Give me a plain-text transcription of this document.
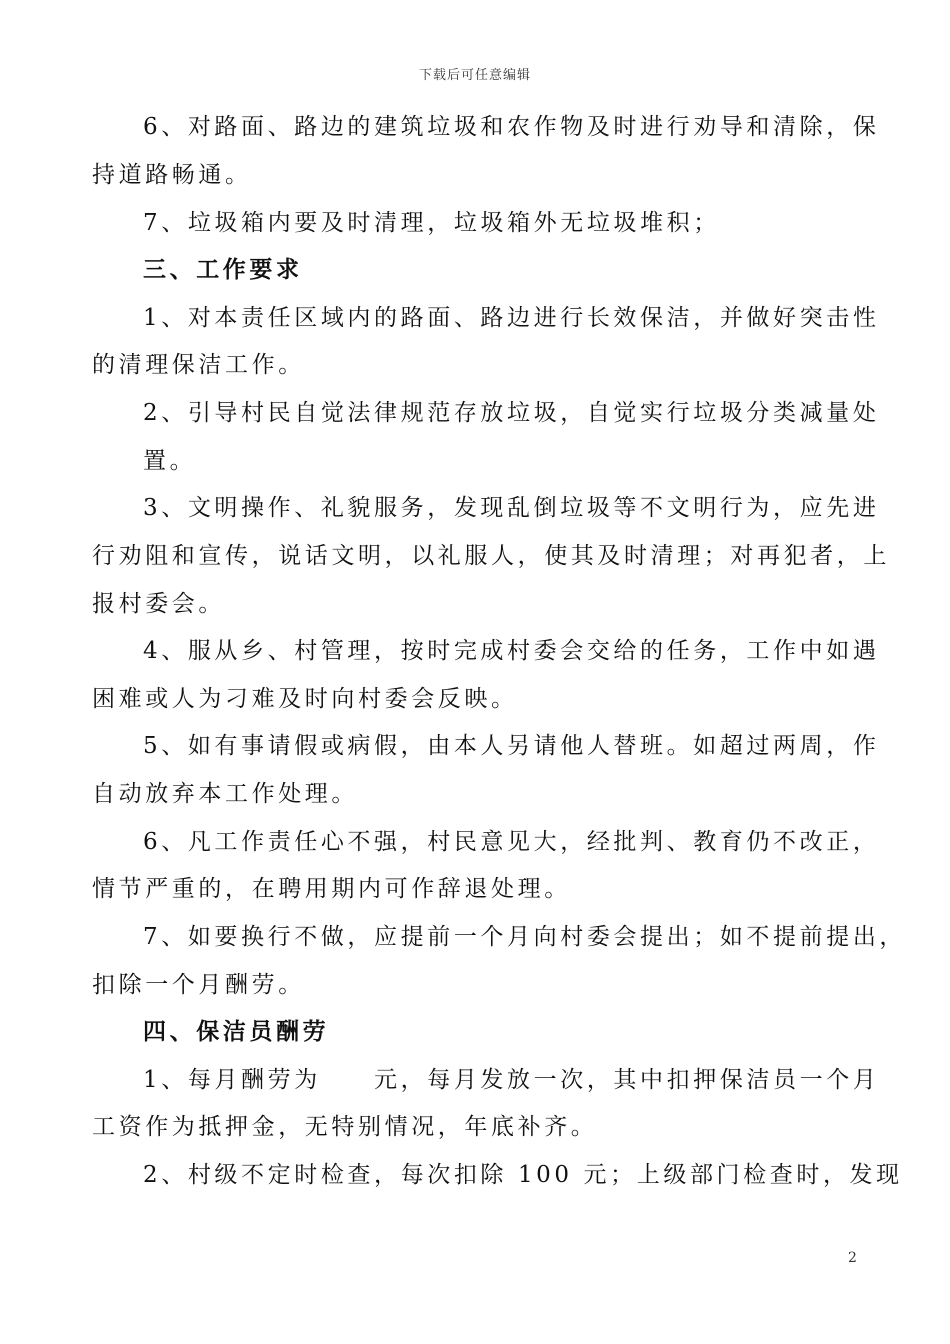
下载后可任意编辑
6、对路面、路边的建筑垃圾和农作物及时进行劝导和清除，保
持道路畅通。
7、垃圾箱内要及时清理，垃圾箱外无垃圾堆积；
三、工作要求
1、对本责任区域内的路面、路边进行长效保洁，并做好突击性
的清理保洁工作。
2、引导村民自觉法律规范存放垃圾，自觉实行垃圾分类减量处
置。
3、文明操作、礼貌服务，发现乱倒垃圾等不文明行为，应先进
行劝阻和宣传，说话文明，以礼服人，使其及时清理；对再犯者，上
报村委会。
4、服从乡、村管理，按时完成村委会交给的任务，工作中如遇
困难或人为刁难及时向村委会反映。
5、如有事请假或病假，由本人另请他人替班。如超过两周，作
自动放弃本工作处理。
6、凡工作责任心不强，村民意见大，经批判、教育仍不改正，
情节严重的，在聘用期内可作辞退处理。
7、如要换行不做，应提前一个月向村委会提出；如不提前提出，
扣除一个月酬劳。
四、保洁员酬劳
1、每月酬劳为　　元，每月发放一次，其中扣押保洁员一个月
工资作为抵押金，无特别情况，年底补齐。
2、村级不定时检查，每次扣除 100 元；上级部门检查时，发现
2
